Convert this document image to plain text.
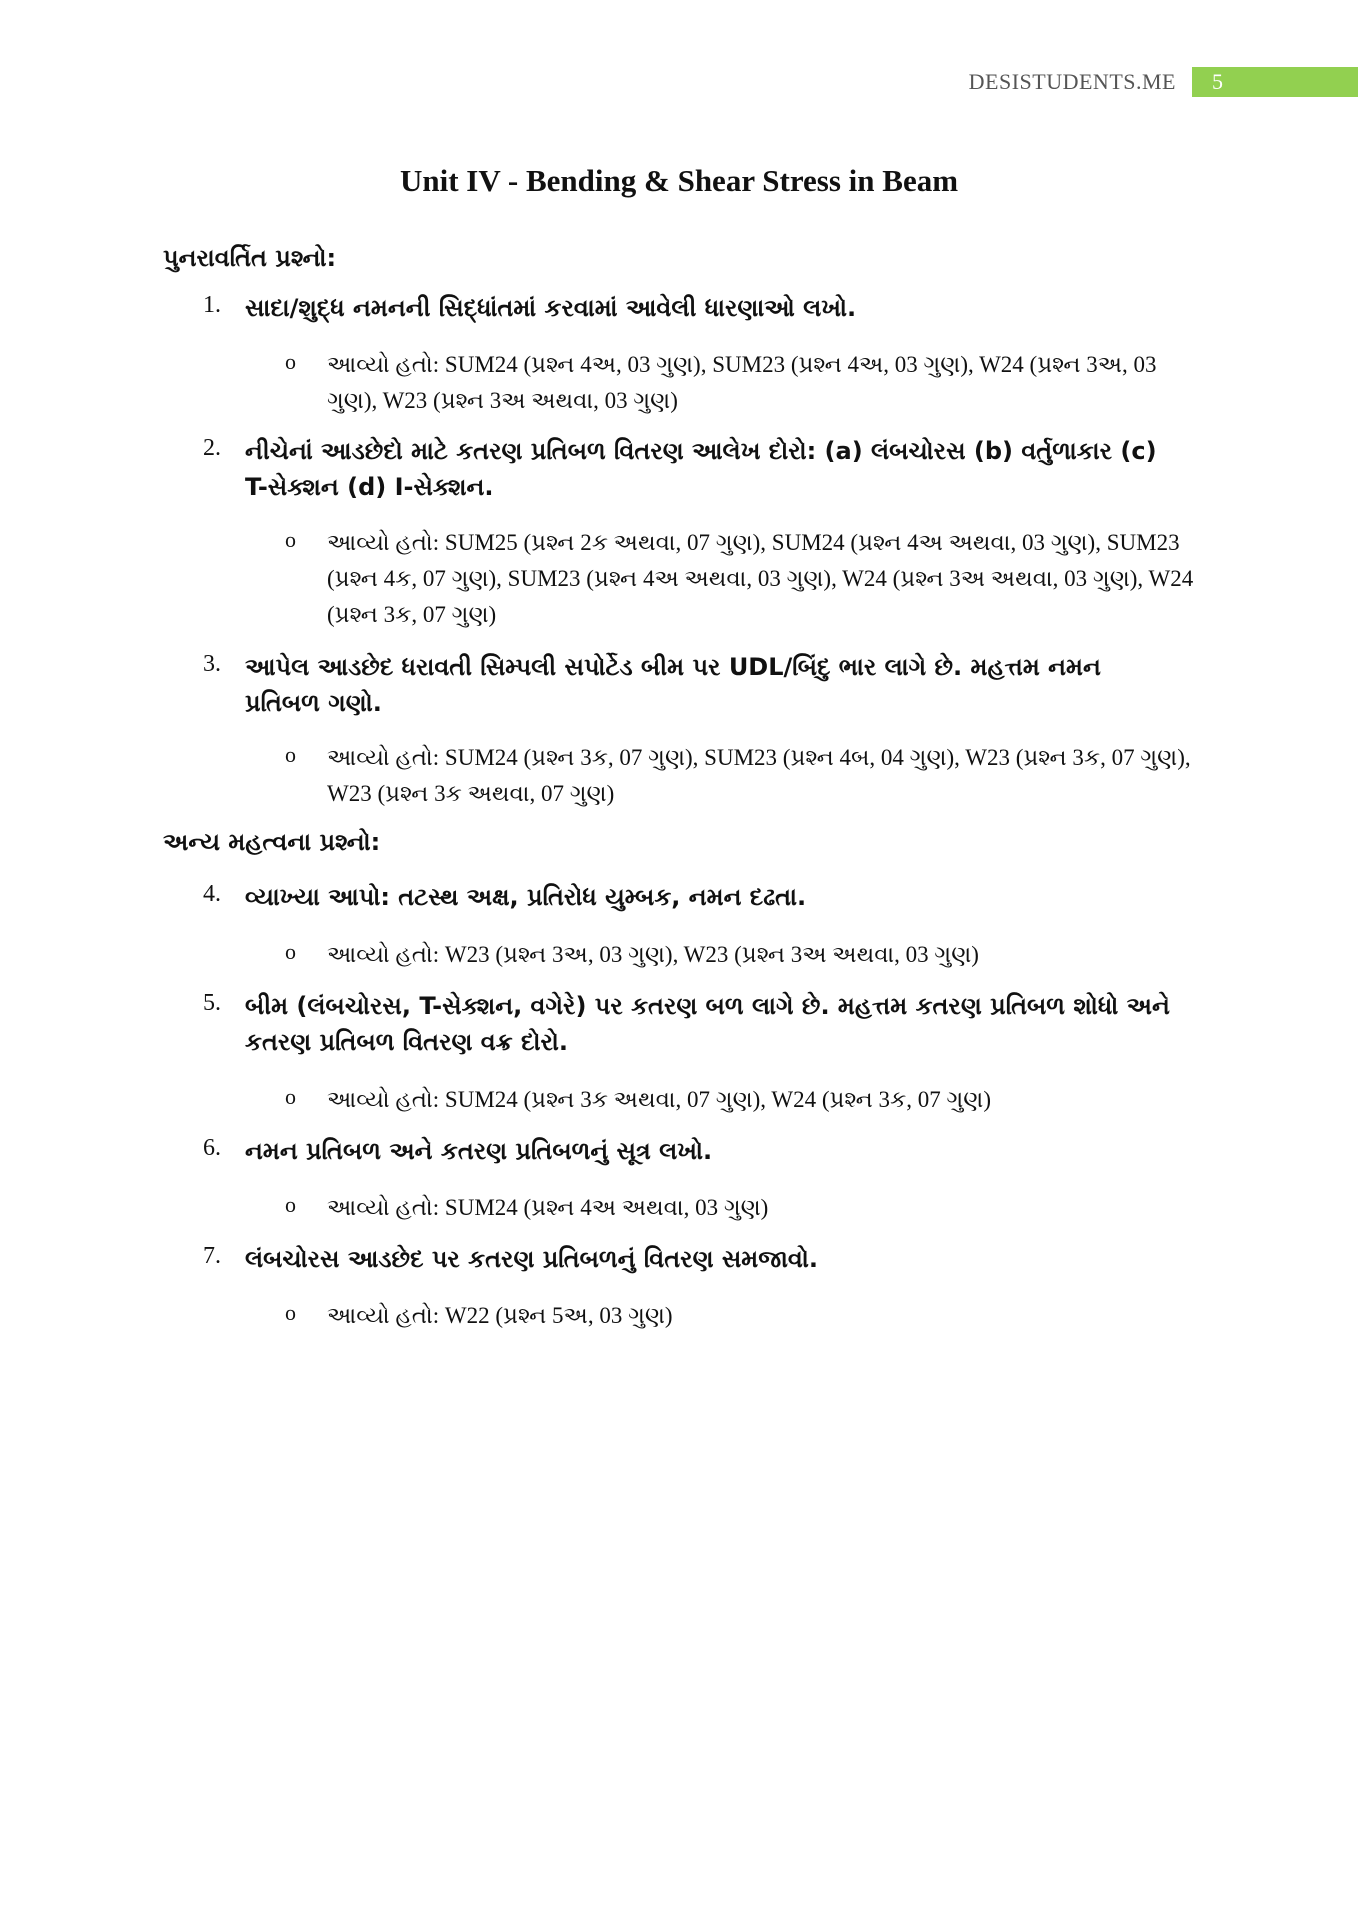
DESISTUDENTS.ME	5
Unit IV - Bending & Shear Stress in Beam
પુનરાવર્તિત પ્રશ્નો:
1. સાદા/શુદ્ધ નમનની સિદ્ધાંતમાં કરવામાં આવેલી ધારણાઓ લખો.
o આવ્યો હતો: SUM24 (પ્રશ્ન 4અ, 03 ગુણ), SUM23 (પ્રશ્ન 4અ, 03 ગુણ), W24 (પ્રશ્ન 3અ, 03 ગુણ), W23 (પ્રશ્ન 3અ અથવા, 03 ગુણ)
2. નીચેનાં આડછેદો માટે કતરણ પ્રતિબળ વિતરણ આલેખ દોરો: (a) લંબચોરસ (b) વર્તુળાકાર (c) T-સેક્શન (d) I-સેક્શન.
o આવ્યો હતો: SUM25 (પ્રશ્ન 2ક અથવા, 07 ગુણ), SUM24 (પ્રશ્ન 4અ અથવા, 03 ગુણ), SUM23 (પ્રશ્ન 4ક, 07 ગુણ), SUM23 (પ્રશ્ન 4અ અથવા, 03 ગુણ), W24 (પ્રશ્ન 3અ અથવા, 03 ગુણ), W24 (પ્રશ્ન 3ક, 07 ગુણ)
3. આપેલ આડછેદ ધરાવતી સિમ્પલી સપોર્ટેડ બીમ પર UDL/બિંદુ ભાર લાગે છે. મહત્તમ નમન પ્રતિબળ ગણો.
o આવ્યો હતો: SUM24 (પ્રશ્ન 3ક, 07 ગુણ), SUM23 (પ્રશ્ન 4બ, 04 ગુણ), W23 (પ્રશ્ન 3ક, 07 ગુણ), W23 (પ્રશ્ન 3ક અથવા, 07 ગુણ)
અન્ય મહત્વના પ્રશ્નો:
4. વ્યાખ્યા આપો: તટસ્થ અક્ષ, પ્રતિરોધ યુમ્બક, નમન દઢતા.
o આવ્યો હતો: W23 (પ્રશ્ન 3અ, 03 ગુણ), W23 (પ્રશ્ન 3અ અથવા, 03 ગુણ)
5. બીમ (લંબચોરસ, T-સેક્શન, વગેરે) પર કતરણ બળ લાગે છે. મહત્તમ કતરણ પ્રતિબળ શોધો અને કતરણ પ્રતિબળ વિતરણ વક્ર દોરો.
o આવ્યો હતો: SUM24 (પ્રશ્ન 3ક અથવા, 07 ગુણ), W24 (પ્રશ્ન 3ક, 07 ગુણ)
6. નમન પ્રતિબળ અને કતરણ પ્રતિબળનું સૂત્ર લખો.
o આવ્યો હતો: SUM24 (પ્રશ્ન 4અ અથવા, 03 ગુણ)
7. લંબચોરસ આડછેદ પર કતરણ પ્રતિબળનું વિતરણ સમજાવો.
o આવ્યો હતો: W22 (પ્રશ્ન 5અ, 03 ગુણ)
